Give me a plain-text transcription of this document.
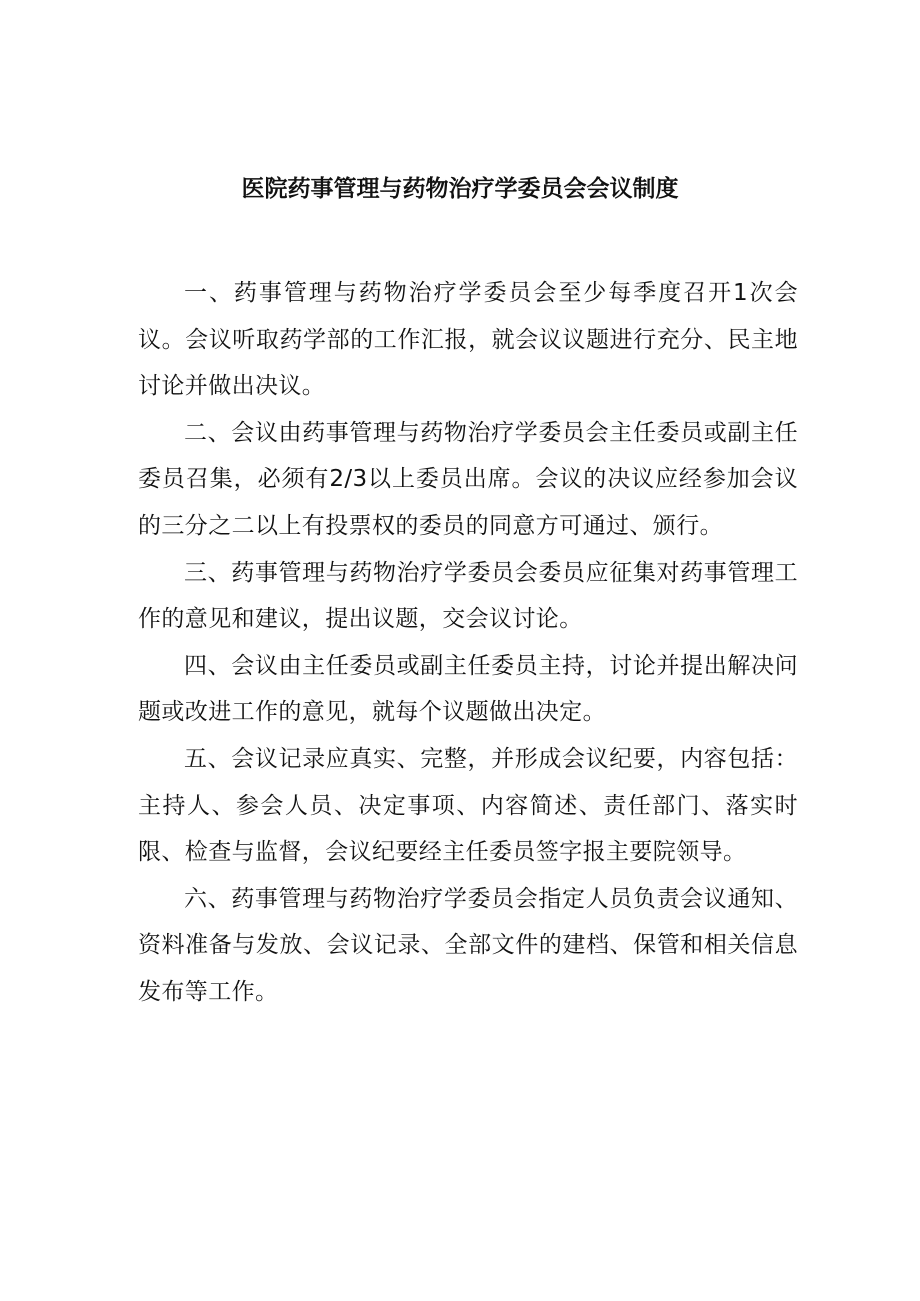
医院药事管理与药物治疗学委员会会议制度

一、药事管理与药物治疗学委员会至少每季度召开1次会议。会议听取药学部的工作汇报，就会议议题进行充分、民主地讨论并做出决议。

二、会议由药事管理与药物治疗学委员会主任委员或副主任委员召集，必须有2/3以上委员出席。会议的决议应经参加会议的三分之二以上有投票权的委员的同意方可通过、颁行。

三、药事管理与药物治疗学委员会委员应征集对药事管理工作的意见和建议，提出议题，交会议讨论。

四、会议由主任委员或副主任委员主持，讨论并提出解决问题或改进工作的意见，就每个议题做出决定。

五、会议记录应真实、完整，并形成会议纪要，内容包括：主持人、参会人员、决定事项、内容简述、责任部门、落实时限、检查与监督，会议纪要经主任委员签字报主要院领导。

六、药事管理与药物治疗学委员会指定人员负责会议通知、资料准备与发放、会议记录、全部文件的建档、保管和相关信息发布等工作。
